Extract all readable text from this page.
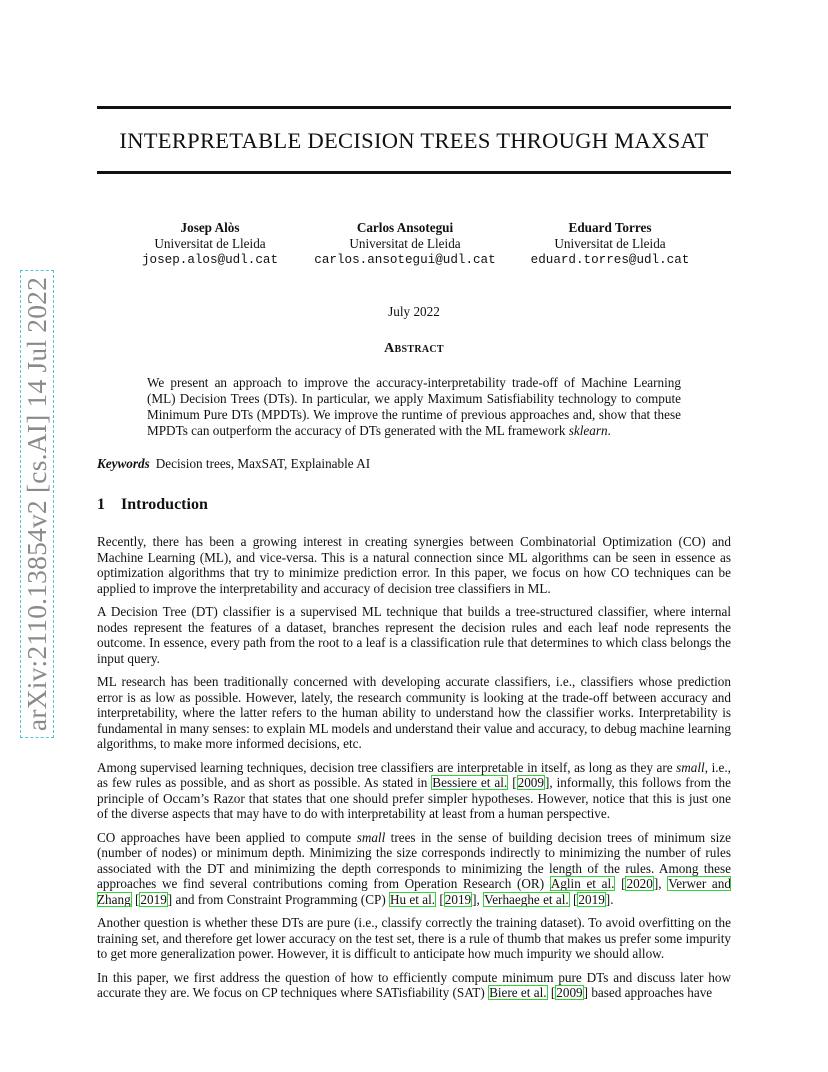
arXiv:2110.13854v2 [cs.AI] 14 Jul 2022
INTERPRETABLE DECISION TREES THROUGH MAXSAT
Josep Alòs
Universitat de Lleida
josep.alos@udl.cat
Carlos Ansotegui
Universitat de Lleida
carlos.ansotegui@udl.cat
Eduard Torres
Universitat de Lleida
eduard.torres@udl.cat
July 2022
Abstract
We present an approach to improve the accuracy-interpretability trade-off of Machine Learning (ML) Decision Trees (DTs). In particular, we apply Maximum Satisfiability technology to compute Minimum Pure DTs (MPDTs). We improve the runtime of previous approaches and, show that these MPDTs can outperform the accuracy of DTs generated with the ML framework sklearn.
Keywords Decision trees, MaxSAT, Explainable AI
1 Introduction

Recently, there has been a growing interest in creating synergies between Combinatorial Optimization (CO) and Machine Learning (ML), and vice-versa. This is a natural connection since ML algorithms can be seen in essence as optimization algorithms that try to minimize prediction error. In this paper, we focus on how CO techniques can be applied to improve the interpretability and accuracy of decision tree classifiers in ML.

A Decision Tree (DT) classifier is a supervised ML technique that builds a tree-structured classifier, where internal nodes represent the features of a dataset, branches represent the decision rules and each leaf node represents the outcome. In essence, every path from the root to a leaf is a classification rule that determines to which class belongs the input query.

ML research has been traditionally concerned with developing accurate classifiers, i.e., classifiers whose prediction error is as low as possible. However, lately, the research community is looking at the trade-off between accuracy and interpretability, where the latter refers to the human ability to understand how the classifier works. Interpretability is fundamental in many senses: to explain ML models and understand their value and accuracy, to debug machine learning algorithms, to make more informed decisions, etc.

Among supervised learning techniques, decision tree classifiers are interpretable in itself, as long as they are small, i.e., as few rules as possible, and as short as possible. As stated in Bessiere et al. [2009], informally, this follows from the principle of Occam’s Razor that states that one should prefer simpler hypotheses. However, notice that this is just one of the diverse aspects that may have to do with interpretability at least from a human perspective.

CO approaches have been applied to compute small trees in the sense of building decision trees of minimum size (number of nodes) or minimum depth. Minimizing the size corresponds indirectly to minimizing the number of rules associated with the DT and minimizing the depth corresponds to minimizing the length of the rules. Among these approaches we find several contributions coming from Operation Research (OR) Aglin et al. [2020], Verwer and Zhang [2019] and from Constraint Programming (CP) Hu et al. [2019], Verhaeghe et al. [2019].

Another question is whether these DTs are pure (i.e., classify correctly the training dataset). To avoid overfitting on the training set, and therefore get lower accuracy on the test set, there is a rule of thumb that makes us prefer some impurity to get more generalization power. However, it is difficult to anticipate how much impurity we should allow.

In this paper, we first address the question of how to efficiently compute minimum pure DTs and discuss later how accurate they are. We focus on CP techniques where SATisfiability (SAT) Biere et al. [2009] based approaches have
